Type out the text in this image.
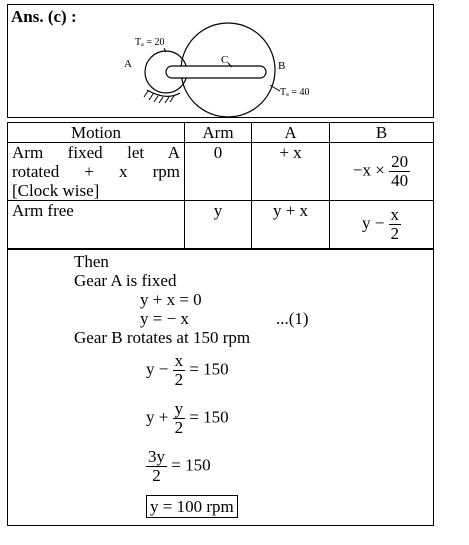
Ans. (c) :
Tₐ = 20
A	C	B
Tₐ = 40
Motion	Arm	A	B

Arm fixed let A
rotated + x rpm
[Clock wise]	0	+ x	$-x \times \frac{20}{40}$

Arm free	y	y + x	$y - \frac{x}{2}$
Then
Gear A is fixed
y + x = 0
y = − x	...(1)
Gear B rotates at 150 rpm
$y - \frac{x}{2} = 150$
$y + \frac{y}{2} = 150$
$\frac{3y}{2} = 150$
y = 100 rpm
